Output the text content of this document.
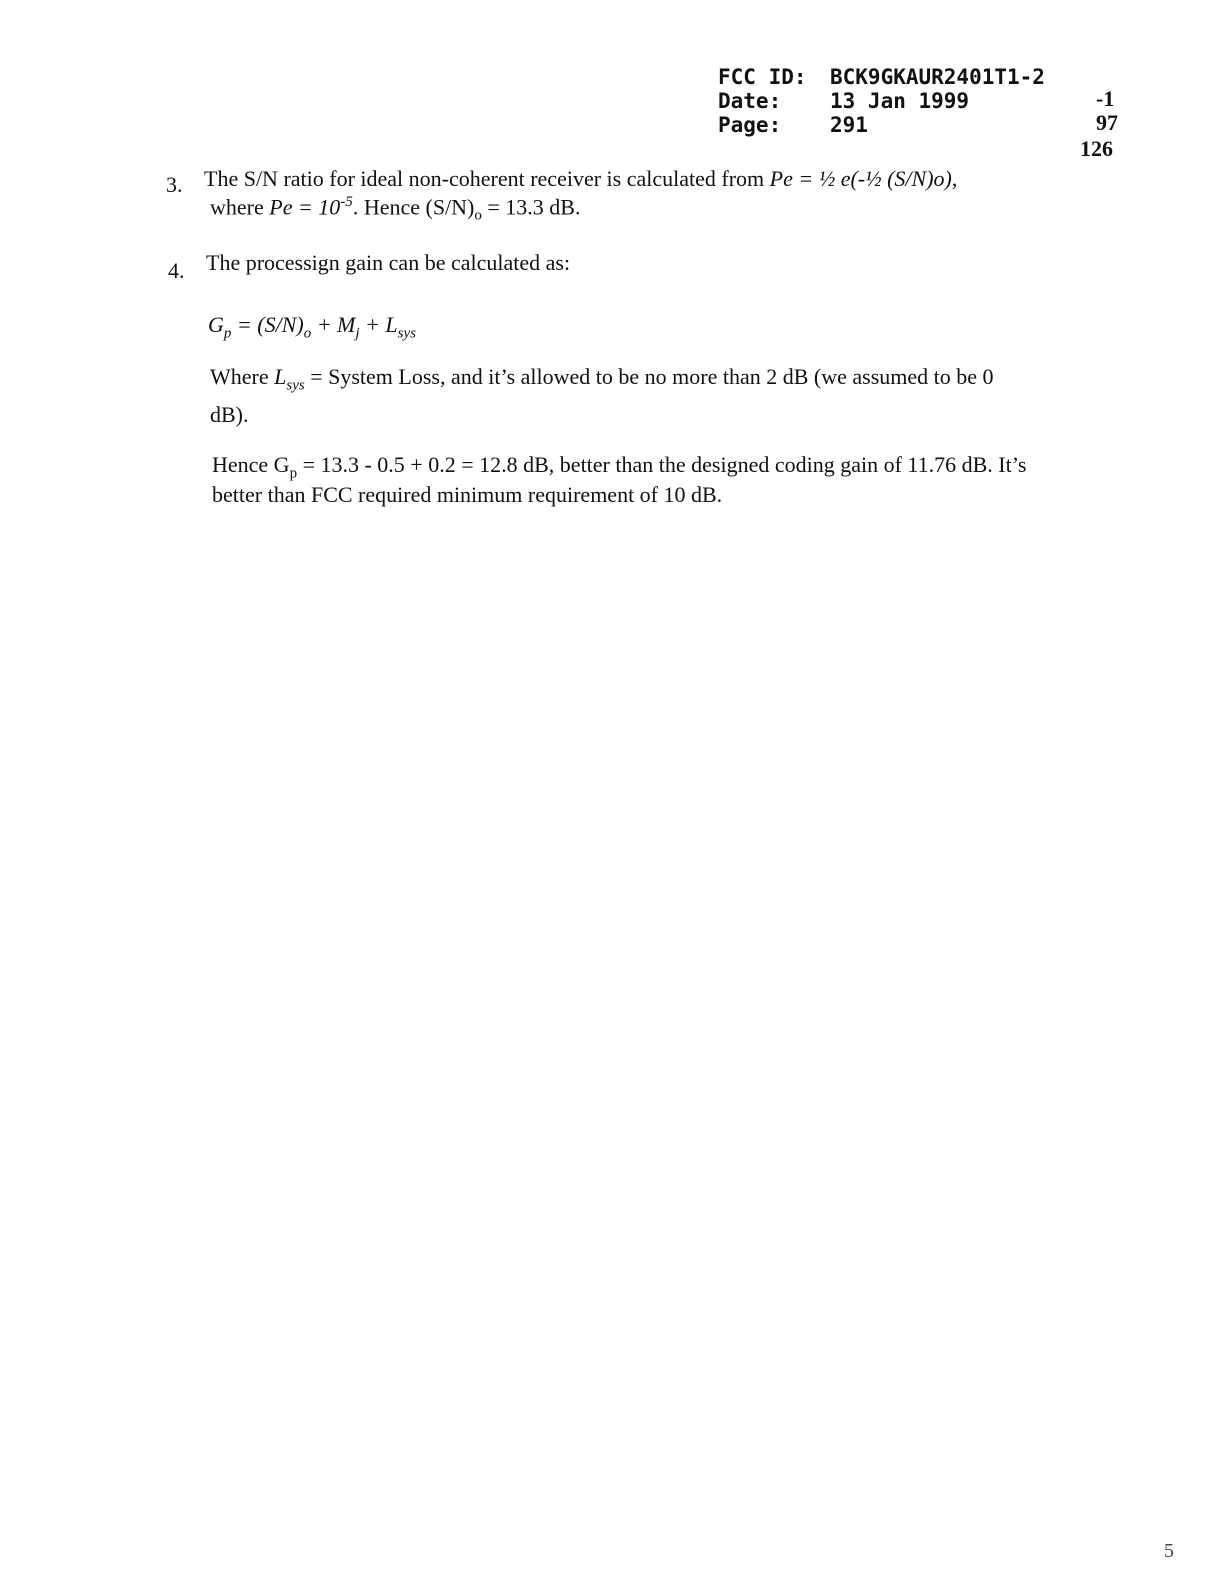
FCC ID: BCK9GKAUR2401T1-2
Date: 13 Jan 1999
Page: 291
-1
97
126
3. The S/N ratio for ideal non-coherent receiver is calculated from Pe = ½ e(-½ (S/N)o),
where $Pe = 10^{-5}$. Hence $(S/N)_o = 13.3$ dB.
4. The processign gain can be calculated as:
$G_p = (S/N)_o + M_j + L_{sys}$
Where $L_{sys}$ = System Loss, and it’s allowed to be no more than 2 dB (we assumed to be 0
dB).
Hence $G_p = 13.3 - 0.5 + 0.2 = 12.8$ dB, better than the designed coding gain of 11.76 dB. It’s
better than FCC required minimum requirement of 10 dB.
5
